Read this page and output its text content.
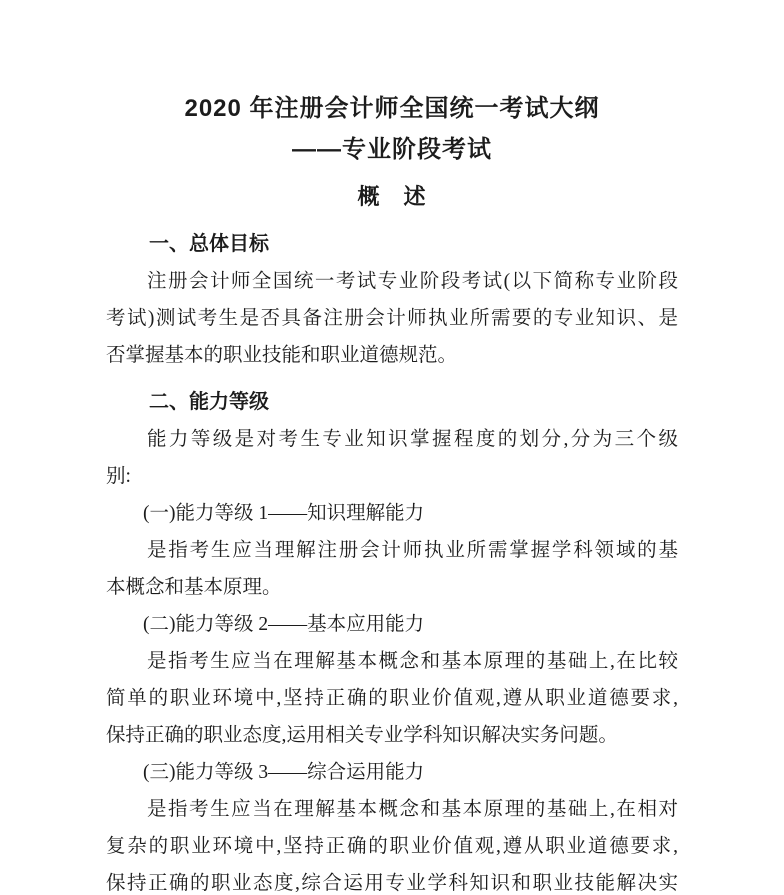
2020 年注册会计师全国统一考试大纲
——专业阶段考试
概　述
一、总体目标
注册会计师全国统一考试专业阶段考试(以下简称专业阶段
考试)测试考生是否具备注册会计师执业所需要的专业知识、是
否掌握基本的职业技能和职业道德规范。
二、能力等级
能力等级是对考生专业知识掌握程度的划分,分为三个级
别:
(一)能力等级 1——知识理解能力
是指考生应当理解注册会计师执业所需掌握学科领域的基
本概念和基本原理。
(二)能力等级 2——基本应用能力
是指考生应当在理解基本概念和基本原理的基础上,在比较
简单的职业环境中,坚持正确的职业价值观,遵从职业道德要求,
保持正确的职业态度,运用相关专业学科知识解决实务问题。
(三)能力等级 3——综合运用能力
是指考生应当在理解基本概念和基本原理的基础上,在相对
复杂的职业环境中,坚持正确的职业价值观,遵从职业道德要求,
保持正确的职业态度,综合运用专业学科知识和职业技能解决实
